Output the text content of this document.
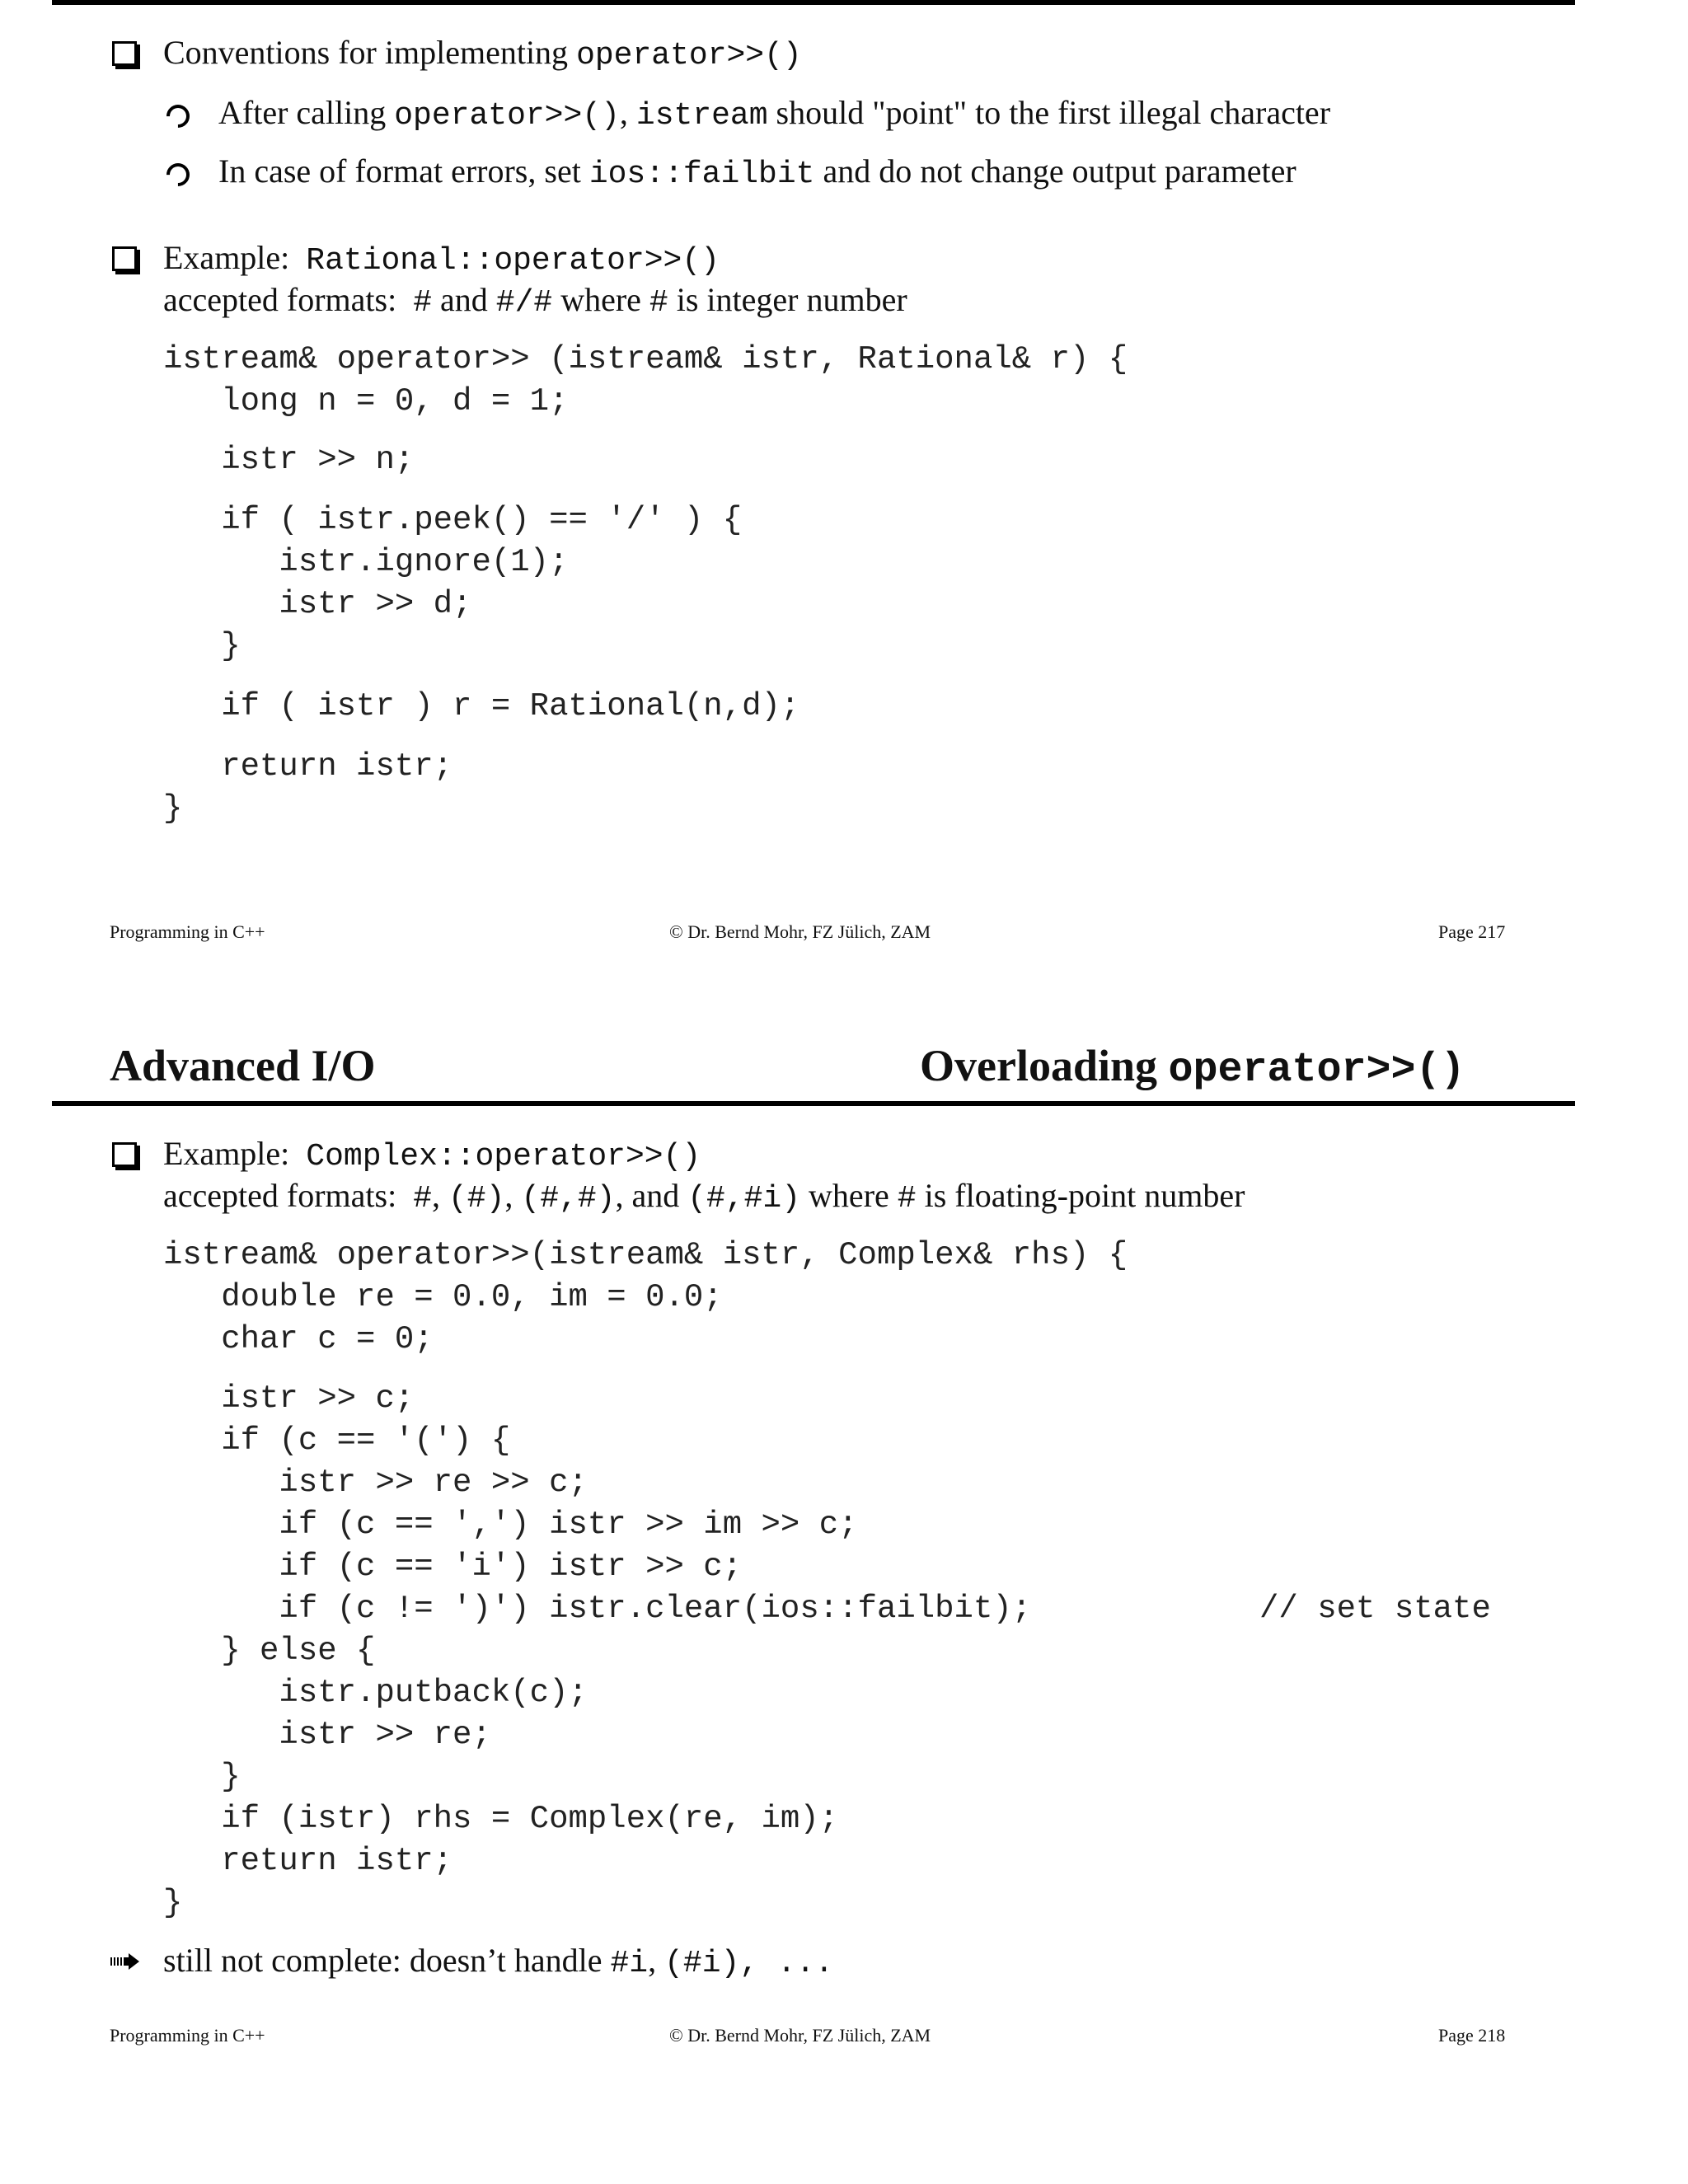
Conventions for implementing operator>>()
After calling operator>>(), istream should "point" to the first illegal character
In case of format errors, set ios::failbit and do not change output parameter
Example: Rational::operator>>()
accepted formats: # and #/# where # is integer number
istream& operator>> (istream& istr, Rational& r) {
long n = 0, d = 1;
istr >> n;
if ( istr.peek() == '/' ) {
istr.ignore(1);
istr >> d;
}
if ( istr ) r = Rational(n,d);
return istr;
}
Programming in C++	© Dr. Bernd Mohr, FZ Jülich, ZAM	Page 217
Advanced I/O	Overloading operator>>()
Example: Complex::operator>>()
accepted formats: #, (#), (#,#), and (#,#i) where # is floating-point number
istream& operator>>(istream& istr, Complex& rhs) {
double re = 0.0, im = 0.0;
char c = 0;
istr >> c;
if (c == '(') {
istr >> re >> c;
if (c == ',') istr >> im >> c;
if (c == 'i') istr >> c;
if (c != ')') istr.clear(ios::failbit);	// set state
} else {
istr.putback(c);
istr >> re;
}
if (istr) rhs = Complex(re, im);
return istr;
}
still not complete: doesn’t handle #i, (#i), ...
Programming in C++	© Dr. Bernd Mohr, FZ Jülich, ZAM	Page 218
